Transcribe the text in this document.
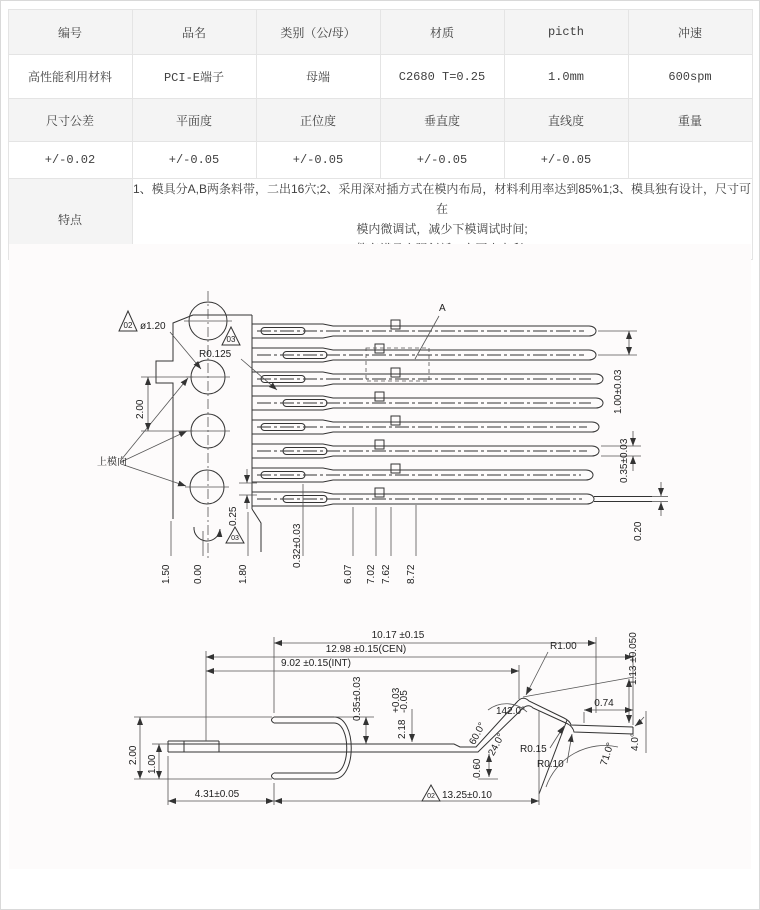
编号	品名	类别（公/母）	材质	picth	冲速
高性能利用材料	PCI-E端子	母端	C2680 T=0.25	1.0mm	600spm
尺寸公差	平面度	正位度	垂直度	直线度	重量
+/-0.02	+/-0.05	+/-0.05	+/-0.05	+/-0.05	
特点	1、模具分A,B两条料带，二出16穴;2、采用深对插方式在模内布局，材料利用率达到85%1;3、模具独有设计，尺寸可在
模内微调试，减少下模调试时间;				
02 ø1.20
03
R0.125
03
上模向
A
2.00
0.25
1.00±0.03
0.35±0.03
0.20
0.32±0.03
1.50 0.00	1.80	6.07 7.02 7.62 8.72
10.17 ±0.15
12.98 ±0.15(CEN)
9.02 ±0.15(INT)
0.35±0.03
2.18
+0.03
-0.05
2.00 1.00
4.31±0.05	02 13.25±0.10
0.60
R1.00
142.0°
60.0°
24.0° R0.15
R0.10	71.0° 4.0°
0.74
1.13 ±0.050
